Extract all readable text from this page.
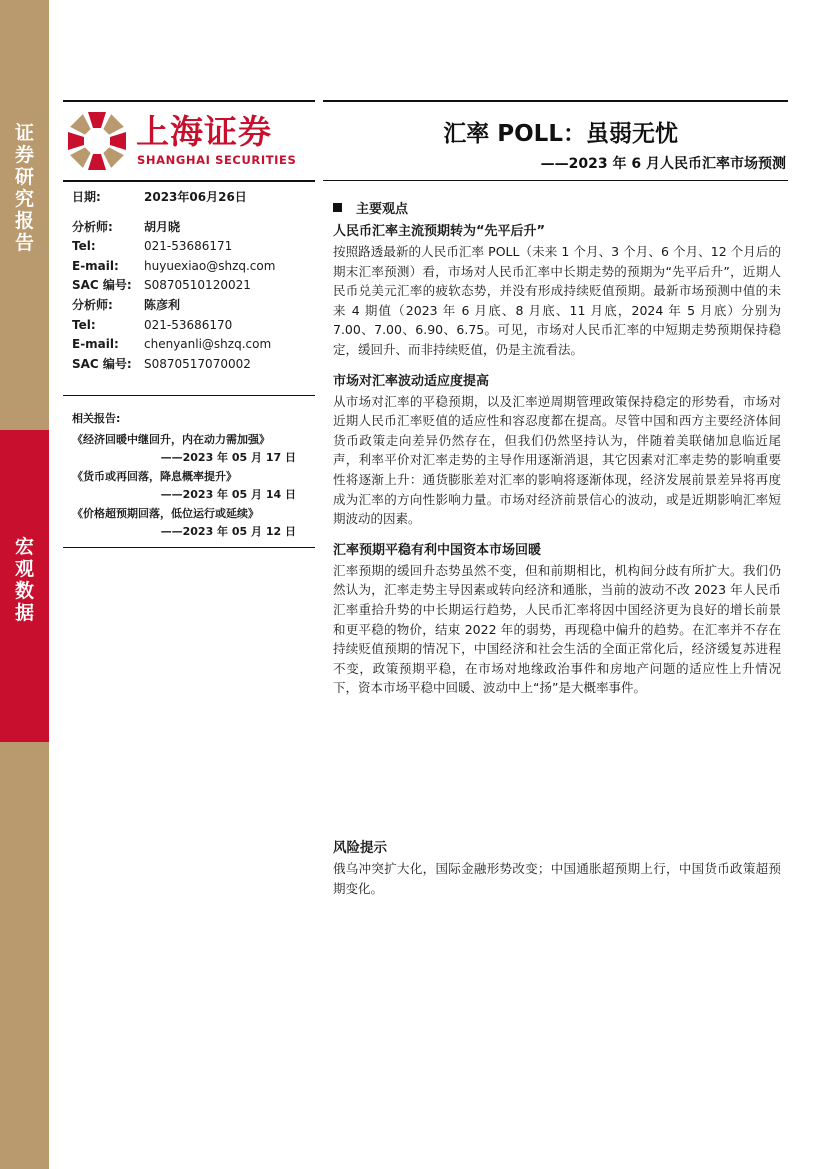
证
券
研
究
报
告
宏
观
数
据
上海证券
SHANGHAI SECURITIES
汇率 POLL：虽弱无忧
——2023 年 6 月人民币汇率市场预测
日期:	2023年06月26日
分析师:	胡月晓
Tel:	021-53686171
E-mail: huyuexiao@shzq.com
SAC 编号: S0870510120021
分析师:	陈彦利
Tel:	021-53686170
E-mail: chenyanli@shzq.com
SAC 编号: S0870517070002
相关报告:
《经济回暖中继回升，内在动力需加强》
——2023 年 05 月 17 日
《货币或再回落，降息概率提升》
——2023 年 05 月 14 日
《价格超预期回落，低位运行或延续》
——2023 年 05 月 12 日
主要观点
人民币汇率主流预期转为“先平后升”

按照路透最新的人民币汇率 POLL（未来 1 个月、3 个月、6 个月、12 个月后的期末汇率预测）看，市场对人民币汇率中长期走势的预期为“先平后升”，近期人民币兑美元汇率的疲软态势，并没有形成持续贬值预期。最新市场预测中值的未来 4 期值（2023 年 6 月底、8 月底、11 月底，2024 年 5 月底）分别为 7.00、7.00、6.90、6.75。可见，市场对人民币汇率的中短期走势预期保持稳定，缓回升、而非持续贬值，仍是主流看法。

市场对汇率波动适应度提高

从市场对汇率的平稳预期，以及汇率逆周期管理政策保持稳定的形势看，市场对近期人民币汇率贬值的适应性和容忍度都在提高。尽管中国和西方主要经济体间货币政策走向差异仍然存在，但我们仍然坚持认为，伴随着美联储加息临近尾声，利率平价对汇率走势的主导作用逐渐消退，其它因素对汇率走势的影响重要性将逐渐上升：通货膨胀差对汇率的影响将逐渐体现，经济发展前景差异将再度成为汇率的方向性影响力量。市场对经济前景信心的波动，或是近期影响汇率短期波动的因素。

汇率预期平稳有利中国资本市场回暖

汇率预期的缓回升态势虽然不变，但和前期相比，机构间分歧有所扩大。我们仍然认为，汇率走势主导因素或转向经济和通胀，当前的波动不改 2023 年人民币汇率重拾升势的中长期运行趋势，人民币汇率将因中国经济更为良好的增长前景和更平稳的物价，结束 2022 年的弱势，再现稳中偏升的趋势。在汇率并不存在持续贬值预期的情况下，中国经济和社会生活的全面正常化后，经济缓复苏进程不变，政策预期平稳，在市场对地缘政治事件和房地产问题的适应性上升情况下，资本市场平稳中回暖、波动中上“扬”是大概率事件。

风险提示

俄乌冲突扩大化，国际金融形势改变；中国通胀超预期上行，中国货币政策超预期变化。
